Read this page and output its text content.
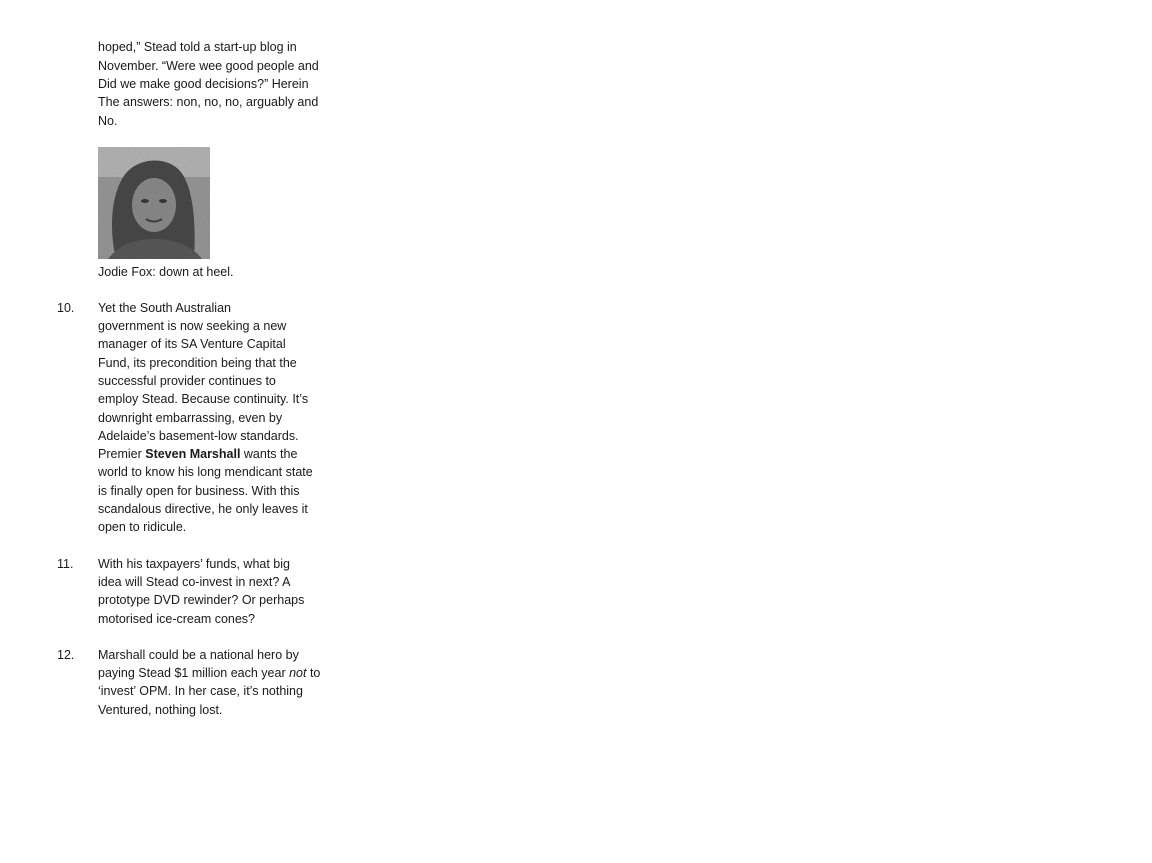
hoped,” Stead told a start-up blog in
November. “Were wee good people and
Did we make good decisions?” Herein
The answers: non, no, no, arguably and
No.
Jodie Fox: down at heel.
10. Yet the South Australian
government is now seeking a new
manager of its SA Venture Capital
Fund, its precondition being that the
successful provider continues to
employ Stead. Because continuity. It’s
downright embarrassing, even by
Adelaide’s basement-low standards.
Premier Steven Marshall wants the
world to know his long mendicant state
is finally open for business. With this
scandalous directive, he only leaves it
open to ridicule.
11. With his taxpayers’ funds, what big
idea will Stead co-invest in next? A
prototype DVD rewinder? Or perhaps
motorised ice-cream cones?
12. Marshall could be a national hero by
paying Stead $1 million each year not to
‘invest’ OPM. In her case, it’s nothing
Ventured, nothing lost.
